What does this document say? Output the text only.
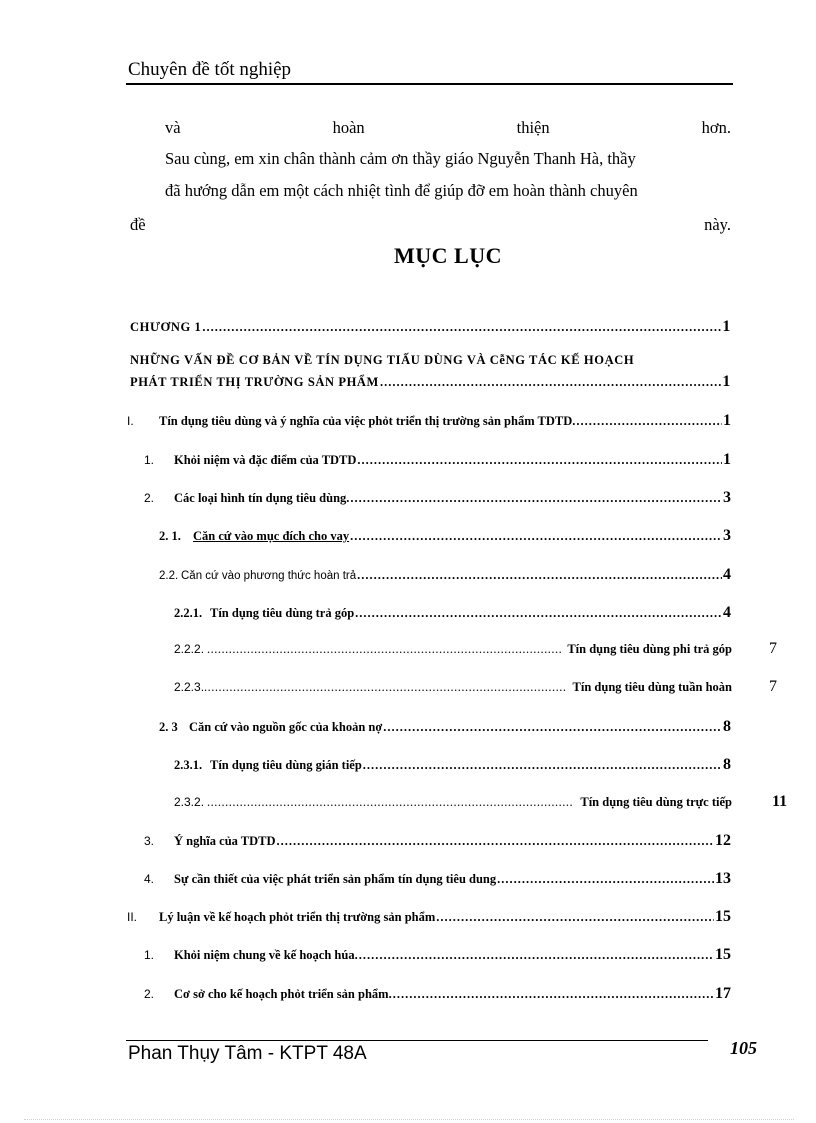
Chuyên đề tốt nghiệp
và	hoàn	thiện	hơn.
Sau cùng, em xin chân thành cảm ơn thầy giáo Nguyễn Thanh Hà, thầy
đã hướng dẫn em một cách nhiệt tình để giúp đỡ em hoàn thành chuyên
đề	này.
MỤC LỤC
CHƯƠNG 1 .....	1
NHỮNG VẤN ĐỀ CƠ BẢN VỀ TÍN DỤNG TIẤU DÙNG VÀ CễNG TÁC KẾ HOẠCH
PHÁT TRIỂN THỊ TRƯỜNG SẢN PHẨM .....	1
I.	Tín dụng tiêu dùng và ý nghĩa của việc phỏt triển thị trường sản phẩm TDTD. .....	1
1.	Khỏi niệm và đặc điểm của TDTD .....	1
2.	Các loại hình tín dụng tiêu dùng. .....	3
2. 1. Căn cứ vào mục đích cho vay .....	3
2.2. Căn cứ vào phương thức hoàn trả .....	4
2.2.1. Tín dụng tiêu dùng trả góp .....	4
2.2.2. .....	Tín dụng tiêu dùng phi trả góp 7
2.2.3. .....	Tín dụng tiêu dùng tuần hoàn 7
2. 3 Căn cứ vào nguồn gốc của khoản nợ .....	8
2.3.1. Tín dụng tiêu dùng gián tiếp .....	8
2.3.2. .....	Tín dụng tiêu dùng trực tiếp	11
3.	Ý nghĩa của TDTD .....	12
4.	Sự cần thiết của việc phát triển sản phẩm tín dụng tiêu dung .....	13
II.	Lý luận về kế hoạch phỏt triển thị trường sản phẩm .....	15
1.	Khỏi niệm chung về kế hoạch húa. .....	15
2.	Cơ sở cho kế hoạch phỏt triển sản phẩm. .....	17
Phan Thụy Tâm - KTPT 48A	105
